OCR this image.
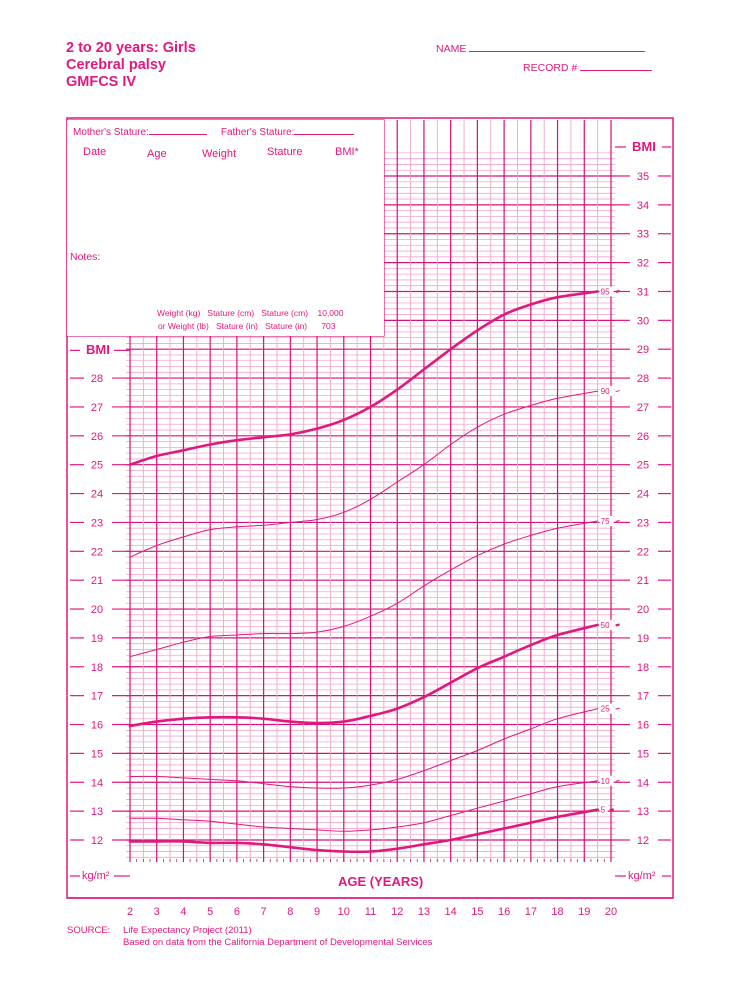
2 to 20 years: Girls
Cerebral palsy
GMFCS IV
NAME
RECORD #
12
13
14
15
16
17
18
19
20
21
22
23
24
25
26
27
28
12
13
14
15
16
17
18
19
20
21
22
23
24
25
26
27
28
29
30
31
32
33
34
35
2 3 4 5 6 7 8 9 10 11 12 13 14 15 16 17 18 19 20
95
90
75
50
25
10
5
Mother's Stature:	Father's Stature:
Date	Age	Weight	Stature	BMI*
Notes:
Weight (kg) Stature (cm) Stature (cm) 10,000
or Weight (lb) Stature (in) Stature (in) 703
BMI
BMI
kg/m²	kg/m²
AGE (YEARS)
SOURCE: Life Expectancy Project (2011)
Based on data from the California Department of Developmental Services
